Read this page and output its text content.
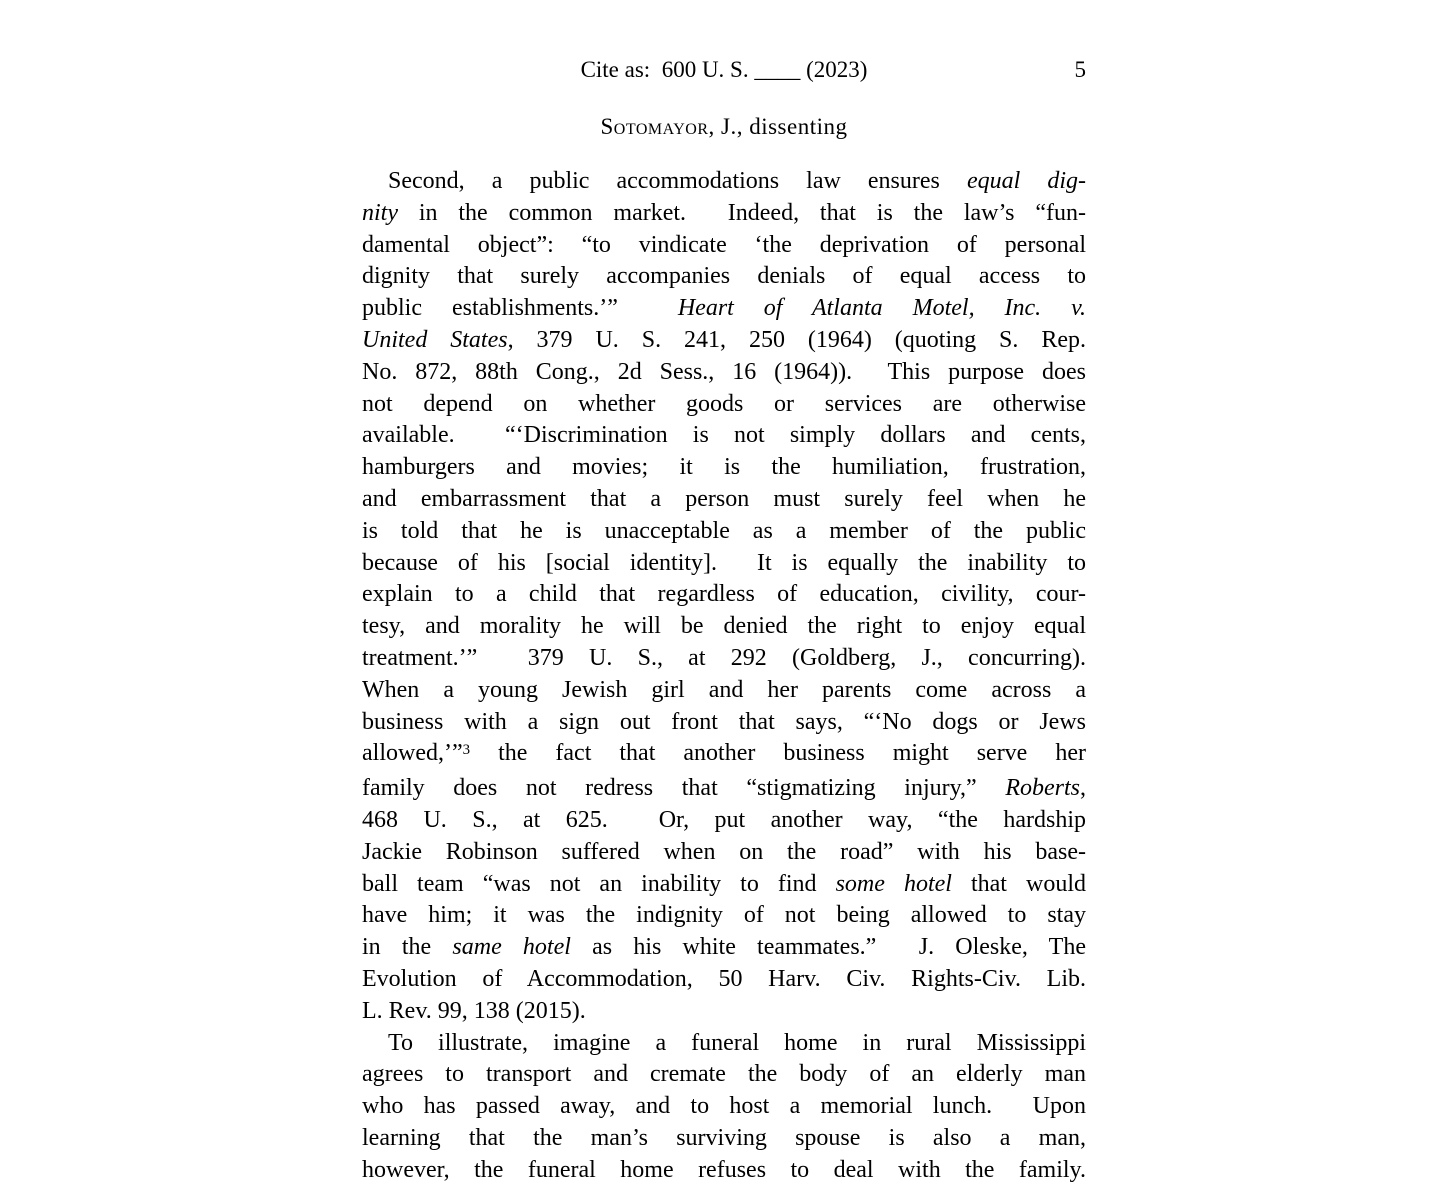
Cite as:  600 U. S. ____ (2023)	5
Sotomayor, J., dissenting
Second, a public accommodations law ensures equal dig-
nity in the common market.  Indeed, that is the law’s “fun-
damental object”: “to vindicate ‘the deprivation of personal
dignity that surely accompanies denials of equal access to
public establishments.’”  Heart of Atlanta Motel, Inc. v.
United States, 379 U. S. 241, 250 (1964) (quoting S. Rep.
No. 872, 88th Cong., 2d Sess., 16 (1964)).  This purpose does
not depend on whether goods or services are otherwise
available.  “‘Discrimination is not simply dollars and cents,
hamburgers and movies; it is the humiliation, frustration,
and embarrassment that a person must surely feel when he
is told that he is unacceptable as a member of the public
because of his [social identity].  It is equally the inability to
explain to a child that regardless of education, civility, cour-
tesy, and morality he will be denied the right to enjoy equal
treatment.’”  379 U. S., at 292 (Goldberg, J., concurring).
When a young Jewish girl and her parents come across a
business with a sign out front that says, “‘No dogs or Jews
allowed,’”$^3$ the fact that another business might serve her
family does not redress that “stigmatizing injury,” Roberts,
468 U. S., at 625.  Or, put another way, “the hardship
Jackie Robinson suffered when on the road” with his base-
ball team “was not an inability to find some hotel that would
have him; it was the indignity of not being allowed to stay
in the same hotel as his white teammates.”  J. Oleske, The
Evolution of Accommodation, 50 Harv. Civ. Rights-Civ. Lib.
L. Rev. 99, 138 (2015).
To illustrate, imagine a funeral home in rural Mississippi
agrees to transport and cremate the body of an elderly man
who has passed away, and to host a memorial lunch.  Upon
learning that the man’s surviving spouse is also a man,
however, the funeral home refuses to deal with the family.
